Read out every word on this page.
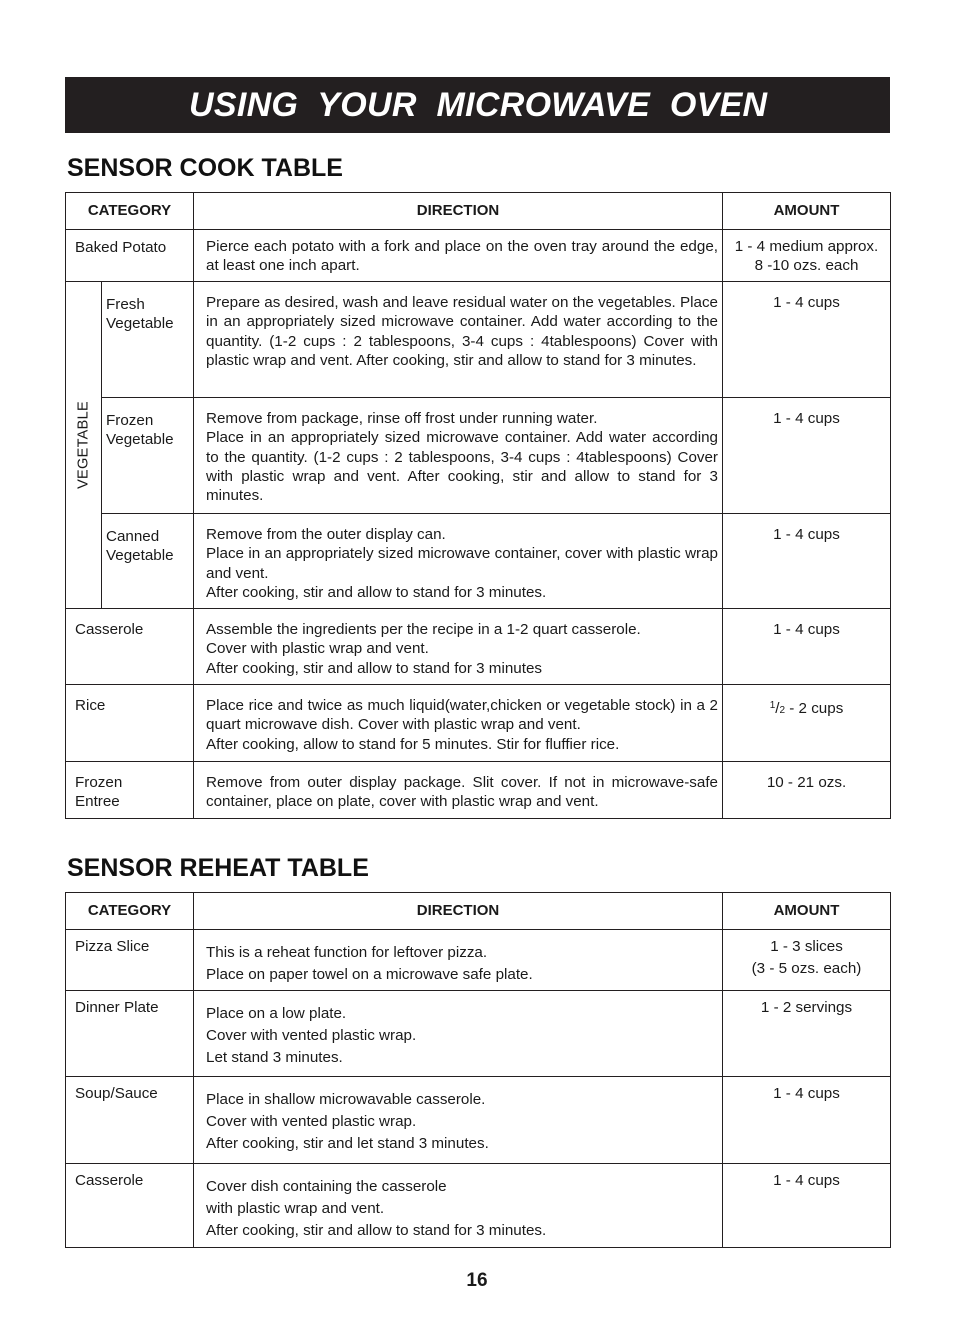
USING YOUR MICROWAVE OVEN
SENSOR COOK TABLE
CATEGORY		DIRECTION	AMOUNT
Baked Potato		Pierce each potato with a fork and place on the oven tray around the edge, at least one inch apart.	1 - 4 medium approx.
8 -10 ozs. each

VEGETABLE	Fresh Vegetable	Prepare as desired, wash and leave residual water on the vegetables. Place in an appropriately sized microwave container. Add water according to the quantity. (1-2 cups : 2 tablespoons, 3-4 cups : 4tablespoons) Cover with plastic wrap and vent. After cooking, stir and allow to stand for 3 minutes.	1 - 4 cups
	Frozen Vegetable	Remove from package, rinse off frost under running water.
Place in an appropriately sized microwave container. Add water according to the quantity. (1-2 cups : 2 tablespoons, 3-4 cups : 4tablespoons) Cover with plastic wrap and vent. After cooking, stir and allow to stand for 3 minutes.	1 - 4 cups
	Canned Vegetable	Remove from the outer display can.
Place in an appropriately sized microwave container, cover with plastic wrap and vent.
After cooking, stir and allow to stand for 3 minutes.	1 - 4 cups
Casserole		Assemble the ingredients per the recipe in a 1-2 quart casserole.
Cover with plastic wrap and vent.
After cooking, stir and allow to stand for 3 minutes	1 - 4 cups
Rice		Place rice and twice as much liquid(water,chicken or vegetable stock) in a 2 quart microwave dish. Cover with plastic wrap and vent.
After cooking, allow to stand for 5 minutes. Stir for fluffier rice.	$^1$/2 - 2 cups
Frozen Entree		Remove from outer display package. Slit cover. If not in microwave-safe container, place on plate, cover with plastic wrap and vent.	10 - 21 ozs.
SENSOR REHEAT TABLE
CATEGORY	DIRECTION	AMOUNT
Pizza Slice	This is a reheat function for leftover pizza.
Place on paper towel on a microwave safe plate.	1 - 3 slices
(3 - 5 ozs. each)

Dinner Plate	Place on a low plate.
Cover with vented plastic wrap.
Let stand 3 minutes.	1 - 2 servings
Soup/Sauce	Place in shallow microwavable casserole.
Cover with vented plastic wrap.
After cooking, stir and let stand 3 minutes.	1 - 4 cups
Casserole	Cover dish containing the casserole
with plastic wrap and vent.
After cooking, stir and allow to stand for 3 minutes.	1 - 4 cups
16
